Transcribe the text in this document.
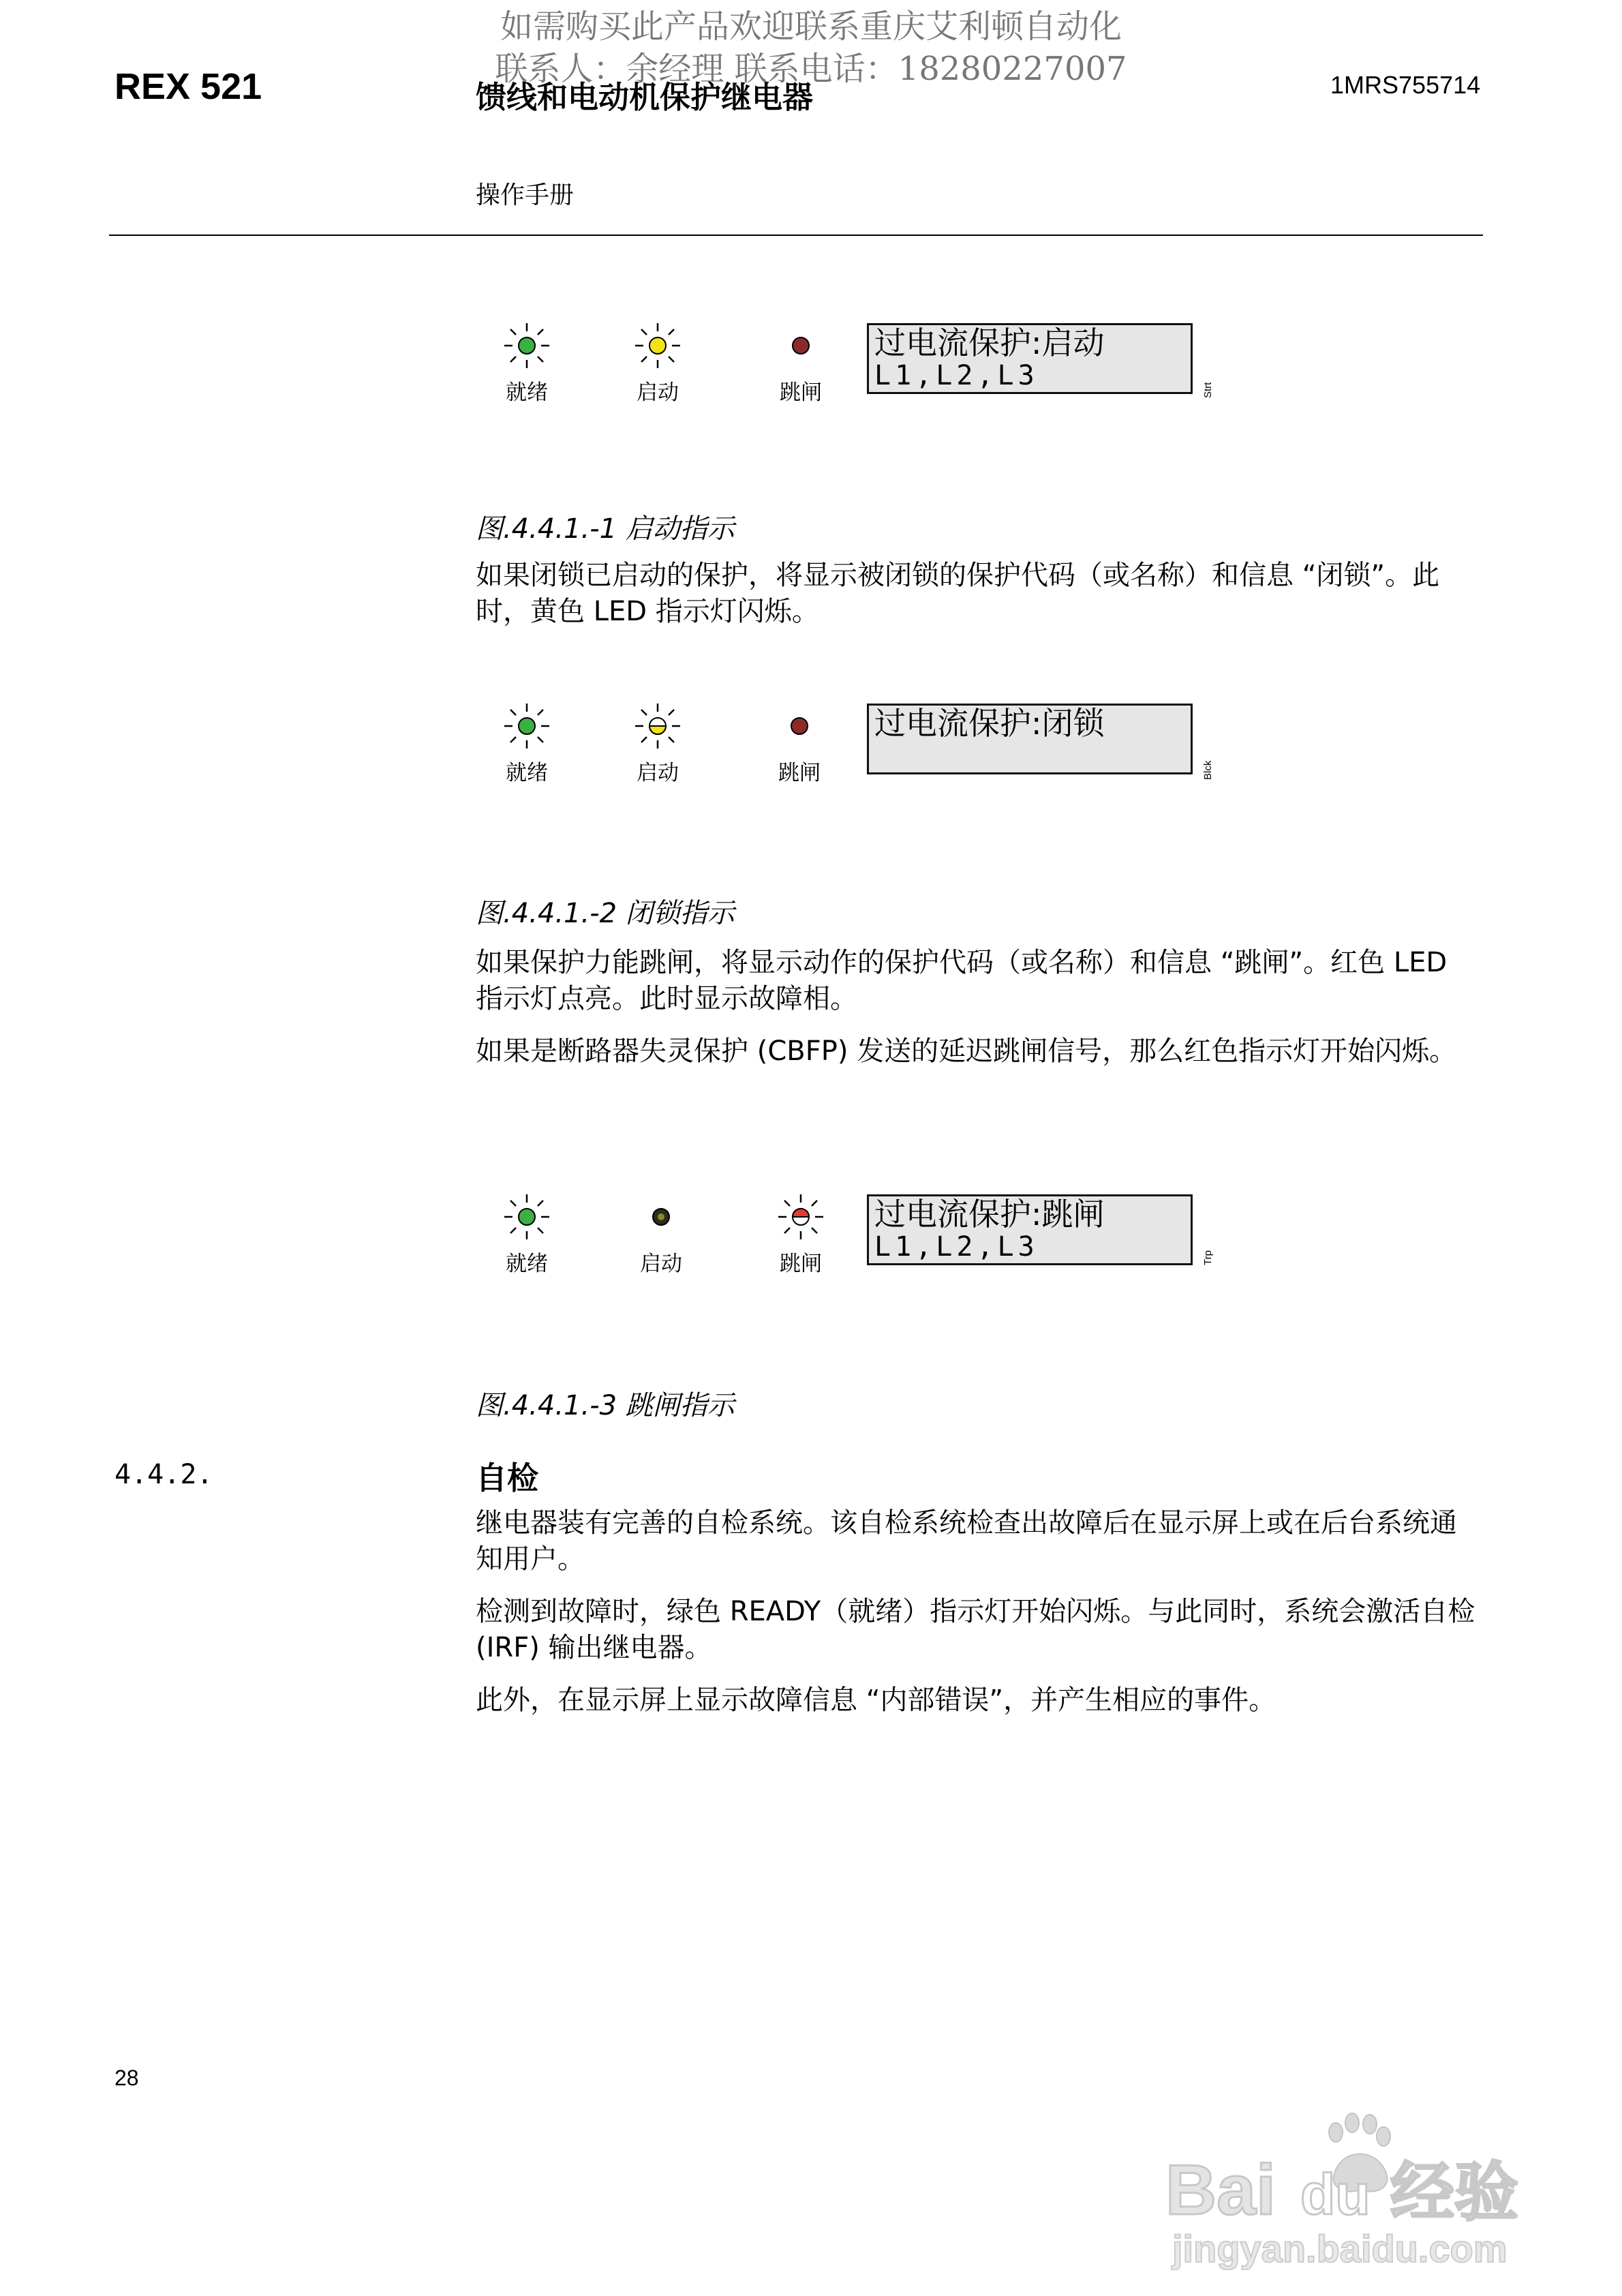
如需购买此产品欢迎联系重庆艾利顿自动化
联系人：余经理 联系电话：18280227007
REX 521	馈线和电动机保护继电器	1MRS755714
操作手册
就绪	启动	跳闸
过电流保护:启动
L1,L2,L3	Strt
图.4.4.1.-1 启动指示

如果闭锁已启动的保护，将显示被闭锁的保护代码（或名称）和信息 “闭锁”。此时，黄色 LED 指示灯闪烁。

就绪	启动	跳闸
过电流保护:闭锁
Blck
图.4.4.1.-2 闭锁指示

如果保护力能跳闸，将显示动作的保护代码（或名称）和信息 “跳闸”。红色 LED 指示灯点亮。此时显示故障相。

如果是断路器失灵保护 (CBFP) 发送的延迟跳闸信号，那么红色指示灯开始闪烁。

就绪	启动	跳闸
过电流保护:跳闸
L1,L2,L3	Trp
图.4.4.1.-3 跳闸指示
4.4.2.	自检

继电器装有完善的自检系统。该自检系统检查出故障后在显示屏上或在后台系统通知用户。

检测到故障时，绿色 READY（就绪）指示灯开始闪烁。与此同时，系统会激活自检 (IRF) 输出继电器。

此外，在显示屏上显示故障信息 “内部错误”，并产生相应的事件。

28
Bai du 经验
jingyan.baidu.com
